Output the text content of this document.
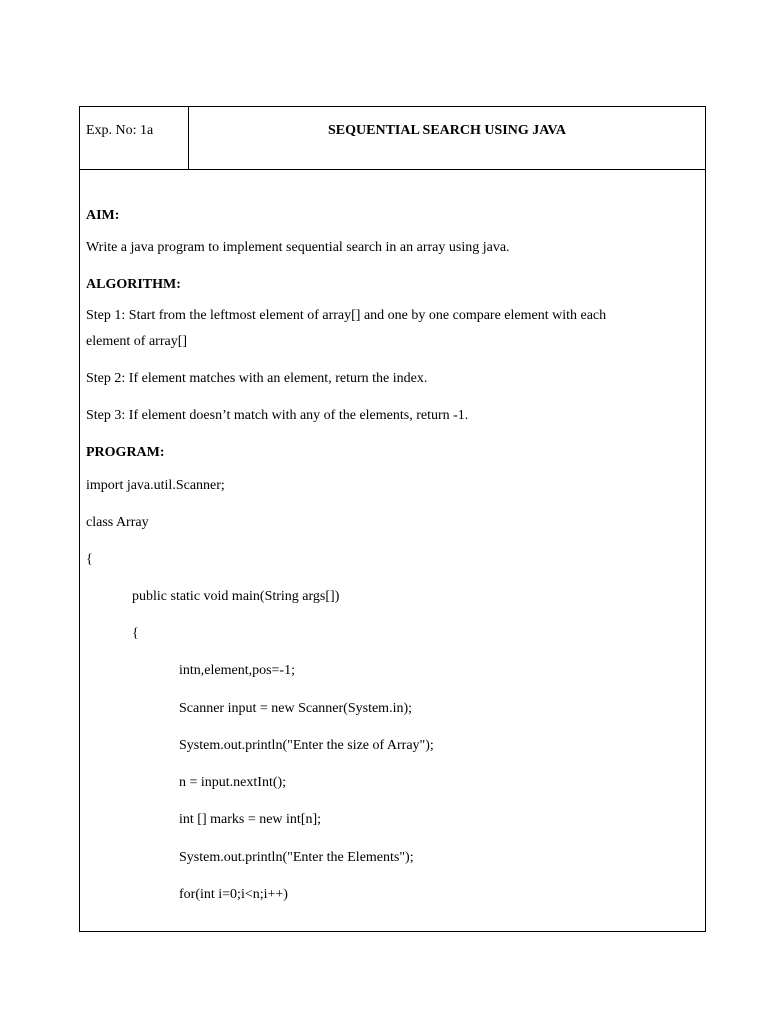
Exp. No: 1a	SEQUENTIAL SEARCH USING JAVA
AIM:
Write a java program to implement sequential search in an array using java.
ALGORITHM:
Step 1: Start from the leftmost element of array[] and one by one compare element with each
element of array[]
Step 2: If element matches with an element, return the index.
Step 3: If element doesn’t match with any of the elements, return -1.
PROGRAM:
import java.util.Scanner;
class Array
{
public static void main(String args[])
{
intn,element,pos=-1;
Scanner input = new Scanner(System.in);
System.out.println("Enter the size of Array");
n = input.nextInt();
int [] marks = new int[n];
System.out.println("Enter the Elements");
for(int i=0;i<n;i++)
